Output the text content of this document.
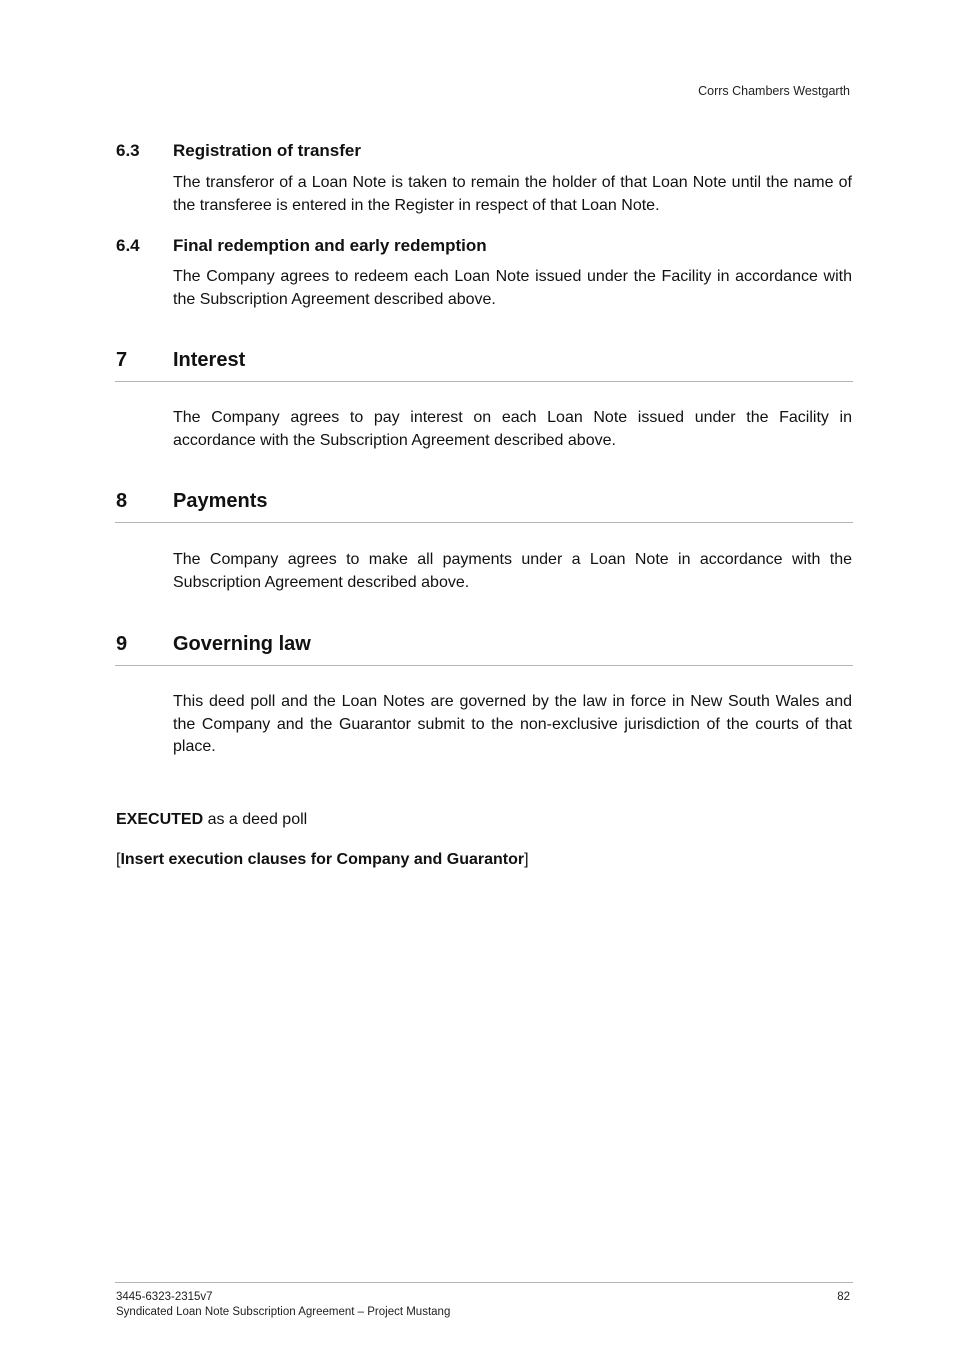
Corrs Chambers Westgarth
6.3 Registration of transfer
The transferor of a Loan Note is taken to remain the holder of that Loan Note until the name of the transferee is entered in the Register in respect of that Loan Note.
6.4 Final redemption and early redemption
The Company agrees to redeem each Loan Note issued under the Facility in accordance with the Subscription Agreement described above.
7 Interest
The Company agrees to pay interest on each Loan Note issued under the Facility in accordance with the Subscription Agreement described above.
8 Payments
The Company agrees to make all payments under a Loan Note in accordance with the Subscription Agreement described above.
9 Governing law
This deed poll and the Loan Notes are governed by the law in force in New South Wales and the Company and the Guarantor submit to the non-exclusive jurisdiction of the courts of that place.
EXECUTED as a deed poll
[Insert execution clauses for Company and Guarantor]
3445-6323-2315v7
Syndicated Loan Note Subscription Agreement – Project Mustang
82
